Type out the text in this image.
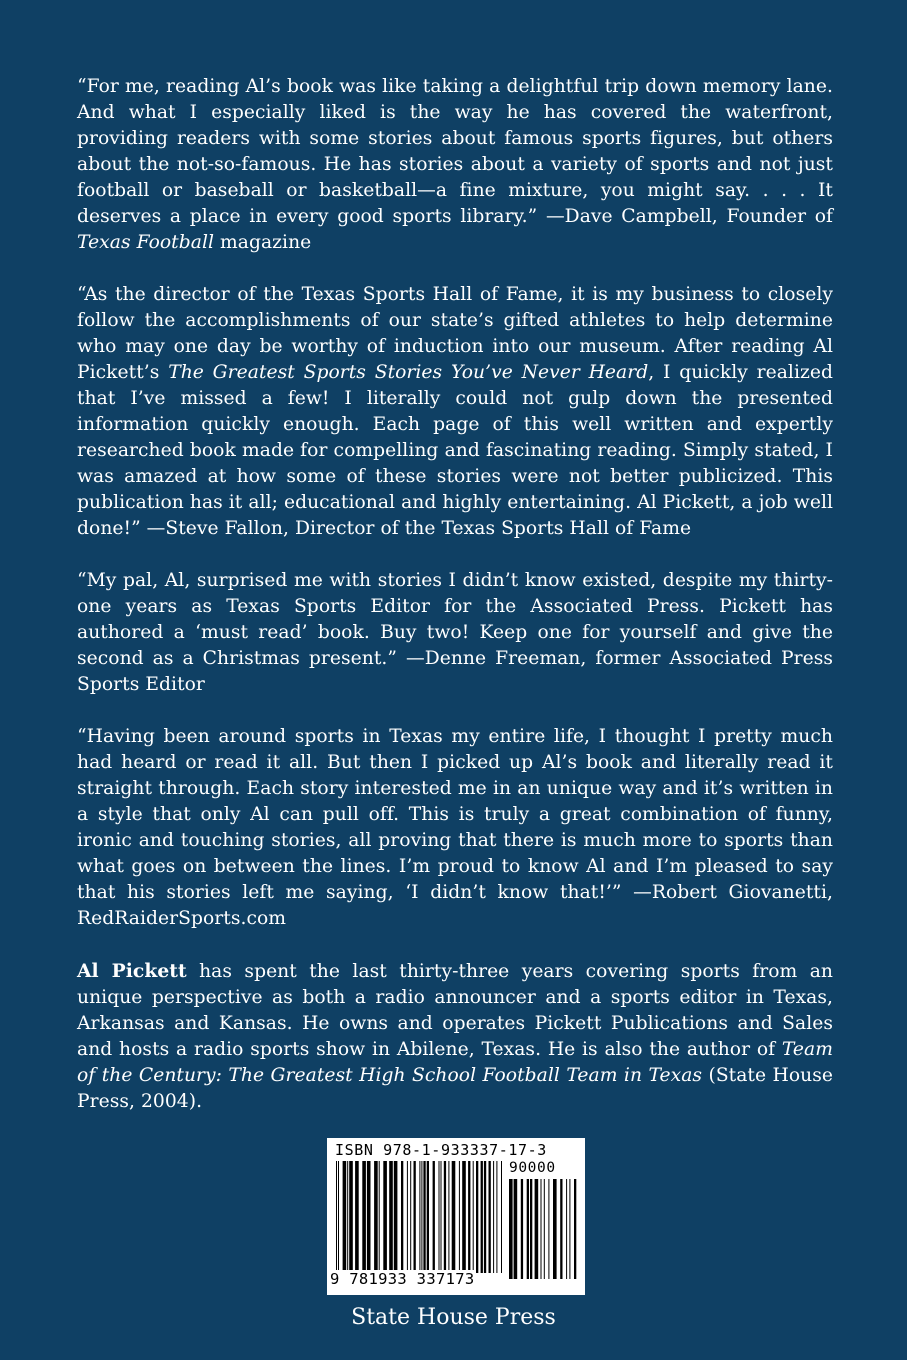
“For me, reading Al’s book was like taking a delightful trip down memory lane. And what I especially liked is the way he has covered the waterfront, providing readers with some stories about famous sports figures, but others about the not-so-famous. He has stories about a variety of sports and not just football or baseball or basketball—a fine mixture, you might say. . . . It deserves a place in every good sports library.” —Dave Campbell, Founder of Texas Football magazine

“As the director of the Texas Sports Hall of Fame, it is my business to closely follow the accomplishments of our state’s gifted athletes to help determine who may one day be worthy of induction into our museum. After reading Al Pickett’s The Greatest Sports Stories You’ve Never Heard, I quickly realized that I’ve missed a few! I literally could not gulp down the presented information quickly enough. Each page of this well written and expertly researched book made for compelling and fascinating reading. Simply stated, I was amazed at how some of these stories were not better publicized. This publication has it all; educational and highly entertaining. Al Pickett, a job well done!” —Steve Fallon, Director of the Texas Sports Hall of Fame

“My pal, Al, surprised me with stories I didn’t know existed, despite my thirty-one years as Texas Sports Editor for the Associated Press. Pickett has authored a ‘must read’ book. Buy two! Keep one for yourself and give the second as a Christmas present.” —Denne Freeman, former Associated Press Sports Editor

“Having been around sports in Texas my entire life, I thought I pretty much had heard or read it all. But then I picked up Al’s book and literally read it straight through. Each story interested me in an unique way and it’s written in a style that only Al can pull off. This is truly a great combination of funny, ironic and touching stories, all proving that there is much more to sports than what goes on between the lines. I’m proud to know Al and I’m pleased to say that his stories left me saying, ‘I didn’t know that!’” —Robert Giovanetti, RedRaiderSports.com

Al Pickett has spent the last thirty-three years covering sports from an unique perspective as both a radio announcer and a sports editor in Texas, Arkansas and Kansas. He owns and operates Pickett Publications and Sales and hosts a radio sports show in Abilene, Texas. He is also the author of Team of the Century: The Greatest High School Football Team in Texas (State House Press, 2004).

ISBN 978-1-933337-17-3
90000
9 781933 337173
State House Press
